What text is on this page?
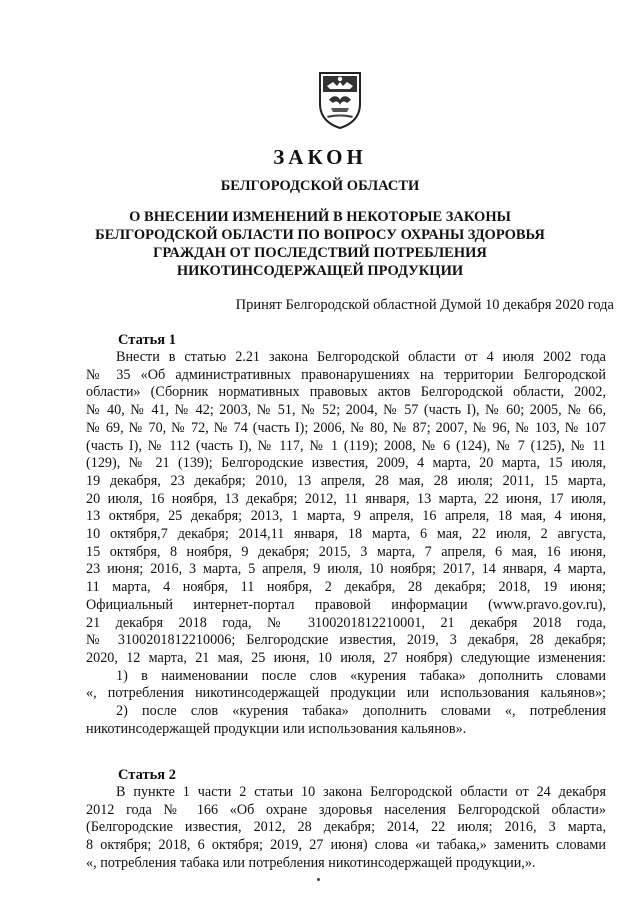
ЗАКОН
БЕЛГОРОДСКОЙ ОБЛАСТИ
О ВНЕСЕНИИ ИЗМЕНЕНИЙ В НЕКОТОРЫЕ ЗАКОНЫ
БЕЛГОРОДСКОЙ ОБЛАСТИ ПО ВОПРОСУ ОХРАНЫ ЗДОРОВЬЯ
ГРАЖДАН ОТ ПОСЛЕДСТВИЙ ПОТРЕБЛЕНИЯ
НИКОТИНСОДЕРЖАЩЕЙ ПРОДУКЦИИ
Принят Белгородской областной Думой 10 декабря 2020 года
Статья 1
Внести в статью 2.21 закона Белгородской области от 4 июля 2002 года
№ 35 «Об административных правонарушениях на территории Белгородской
области» (Сборник нормативных правовых актов Белгородской области, 2002,
№ 40, № 41, № 42; 2003, № 51, № 52; 2004, № 57 (часть I), № 60; 2005, № 66,
№ 69, № 70, № 72, № 74 (часть I); 2006, № 80, № 87; 2007, № 96, № 103, № 107
(часть I), № 112 (часть I), № 117, № 1 (119); 2008, № 6 (124), № 7 (125), № 11
(129), № 21 (139); Белгородские известия, 2009, 4 марта, 20 марта, 15 июля,
19 декабря, 23 декабря; 2010, 13 апреля, 28 мая, 28 июля; 2011, 15 марта,
20 июля, 16 ноября, 13 декабря; 2012, 11 января, 13 марта, 22 июня, 17 июля,
13 октября, 25 декабря; 2013, 1 марта, 9 апреля, 16 апреля, 18 мая, 4 июня,
10 октября,7 декабря; 2014,11 января, 18 марта, 6 мая, 22 июля, 2 августа,
15 октября, 8 ноября, 9 декабря; 2015, 3 марта, 7 апреля, 6 мая, 16 июня,
23 июня; 2016, 3 марта, 5 апреля, 9 июля, 10 ноября; 2017, 14 января, 4 марта,
11 марта, 4 ноября, 11 ноября, 2 декабря, 28 декабря; 2018, 19 июня;
Официальный интернет-портал правовой информации (www.pravo.gov.ru),
21 декабря 2018 года, № 3100201812210001, 21 декабря 2018 года,
№ 3100201812210006; Белгородские известия, 2019, 3 декабря, 28 декабря;
2020, 12 марта, 21 мая, 25 июня, 10 июля, 27 ноября) следующие изменения:
1) в наименовании после слов «курения табака» дополнить словами
«, потребления никотинсодержащей продукции или использования кальянов»;
2) после слов «курения табака» дополнить словами «, потребления
никотинсодержащей продукции или использования кальянов».
Статья 2
В пункте 1 части 2 статьи 10 закона Белгородской области от 24 декабря
2012 года № 166 «Об охране здоровья населения Белгородской области»
(Белгородские известия, 2012, 28 декабря; 2014, 22 июля; 2016, 3 марта,
8 октября; 2018, 6 октября; 2019, 27 июня) слова «и табака,» заменить словами
«, потребления табака или потребления никотинсодержащей продукции,».
